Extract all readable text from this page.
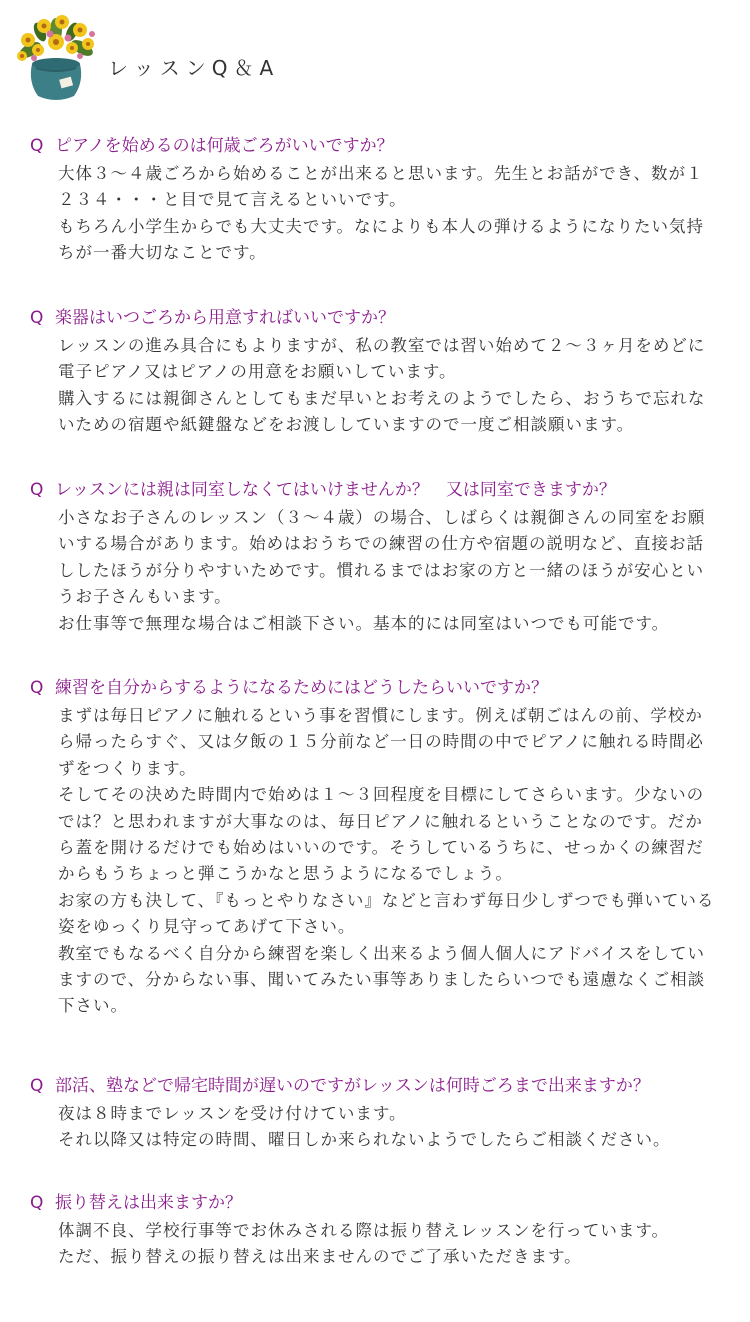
レッスンQ＆A
Q ピアノを始めるのは何歳ごろがいいですか？

大体３～４歳ごろから始めることが出来ると思います。先生とお話ができ、数が１２３４・・・と目で見て言えるといいです。

もちろん小学生からでも大丈夫です。なによりも本人の弾けるようになりたい気持ちが一番大切なことです。

Q 楽器はいつごろから用意すればいいですか？

レッスンの進み具合にもよりますが、私の教室では習い始めて２～３ヶ月をめどに電子ピアノ又はピアノの用意をお願いしています。

購入するには親御さんとしてもまだ早いとお考えのようでしたら、おうちで忘れないための宿題や紙鍵盤などをお渡ししていますので一度ご相談願います。

Q レッスンには親は同室しなくてはいけませんか？　又は同室できますか？

小さなお子さんのレッスン（３～４歳）の場合、しばらくは親御さんの同室をお願いする場合があります。始めはおうちでの練習の仕方や宿題の説明など、直接お話ししたほうが分りやすいためです。慣れるまではお家の方と一緒のほうが安心というお子さんもいます。

お仕事等で無理な場合はご相談下さい。基本的には同室はいつでも可能です。

Q 練習を自分からするようになるためにはどうしたらいいですか？

まずは毎日ピアノに触れるという事を習慣にします。例えば朝ごはんの前、学校から帰ったらすぐ、又は夕飯の１５分前など一日の時間の中でピアノに触れる時間必ずをつくります。

そしてその決めた時間内で始めは１～３回程度を目標にしてさらいます。少ないのでは？と思われますが大事なのは、毎日ピアノに触れるということなのです。だから蓋を開けるだけでも始めはいいのです。そうしているうちに、せっかくの練習だからもうちょっと弾こうかなと思うようになるでしょう。

お家の方も決して、『もっとやりなさい』などと言わず毎日少しずつでも弾いている姿をゆっくり見守ってあげて下さい。

教室でもなるべく自分から練習を楽しく出来るよう個人個人にアドバイスをしていますので、分からない事、聞いてみたい事等ありましたらいつでも遠慮なくご相談下さい。

Q 部活、塾などで帰宅時間が遅いのですがレッスンは何時ごろまで出来ますか？

夜は８時までレッスンを受け付けています。

それ以降又は特定の時間、曜日しか来られないようでしたらご相談ください。

Q 振り替えは出来ますか？

体調不良、学校行事等でお休みされる際は振り替えレッスンを行っています。

ただ、振り替えの振り替えは出来ませんのでご了承いただきます。
